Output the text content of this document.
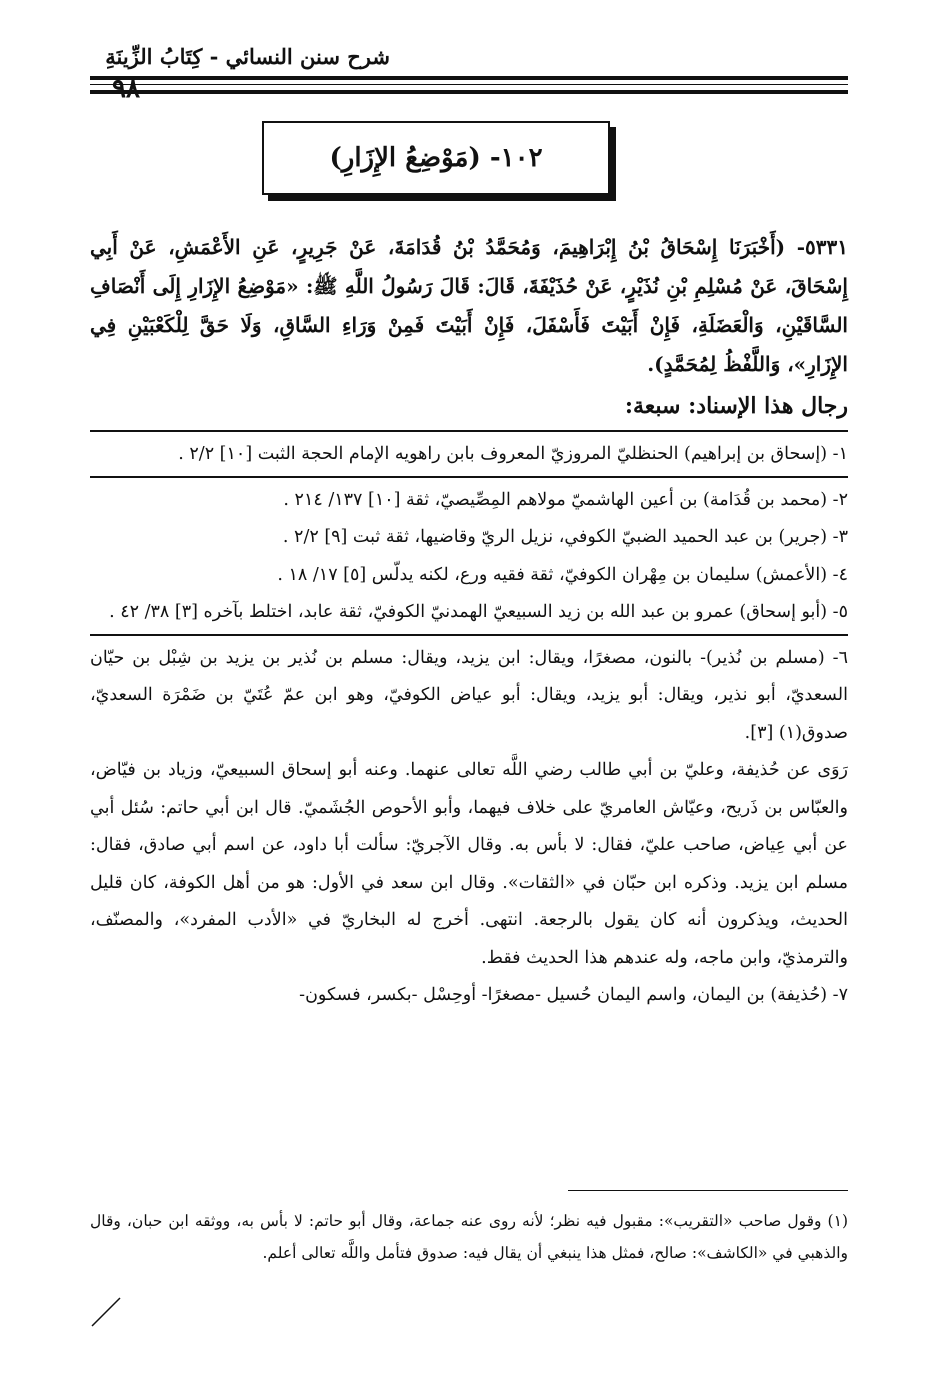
شرح سنن النسائي - كِتَابُ الزِّينَةِ
٩٨
١٠٢- (مَوْضِعُ الإِزَارِ)

٥٣٣١- (أَخْبَرَنَا إِسْحَاقُ بْنُ إِبْرَاهِيمَ، وَمُحَمَّدُ بْنُ قُدَامَةَ، عَنْ جَرِيرٍ، عَنِ الأَعْمَشِ، عَنْ أَبِي إِسْحَاقَ، عَنْ مُسْلِمِ بْنِ نُذَيْرٍ، عَنْ حُذَيْفَةَ، قَالَ: قَالَ رَسُولُ اللَّهِ ﷺ: «مَوْضِعُ الإِزَارِ إِلَى أَنْصَافِ السَّاقَيْنِ، وَالْعَضَلَةِ، فَإِنْ أَبَيْتَ فَأَسْفَلَ، فَإِنْ أَبَيْتَ فَمِنْ وَرَاءِ السَّاقِ، وَلَا حَقَّ لِلْكَعْبَيْنِ فِي الإِزَارِ»، وَاللَّفْظُ لِمُحَمَّدٍ).

رجال هذا الإسناد: سبعة:

١- (إسحاق بن إبراهيم) الحنظليّ المروزيّ المعروف بابن راهويه الإمام الحجة الثبت [١٠] ٢/٢ .

٢- (محمد بن قُدَامة) بن أعين الهاشميّ مولاهم المِصِّيصيّ، ثقة [١٠] ١٣٧/ ٢١٤ .

٣- (جرير) بن عبد الحميد الضبيّ الكوفي، نزيل الريّ وقاضيها، ثقة ثبت [٩] ٢/٢ .

٤- (الأعمش) سليمان بن مِهْران الكوفيّ، ثقة فقيه ورع، لكنه يدلّس [٥] ١٧/ ١٨ .

٥- (أبو إسحاق) عمرو بن عبد الله بن زيد السبيعيّ الهمدنيّ الكوفيّ، ثقة عابد، اختلط بآخره [٣] ٣٨/ ٤٢ .

٦- (مسلم بن نُذير)- بالنون، مصغرًا، ويقال: ابن يزيد، ويقال: مسلم بن نُذير بن يزيد بن شِبْل بن حيّان السعديّ، أبو نذير، ويقال: أبو يزيد، ويقال: أبو عياض الكوفيّ، وهو ابن عمّ عُتَيّ بن ضَمْرَة السعديّ، صدوق(١) [٣].

رَوَى عن حُذيفة، وعليّ بن أبي طالب رضي اللَّه تعالى عنهما. وعنه أبو إسحاق السبيعيّ، وزياد بن فيّاض، والعبّاس بن ذَريح، وعيّاش العامريّ على خلاف فيهما، وأبو الأحوص الجُشَميّ. قال ابن أبي حاتم: سُئل أبي عن أبي عِياض، صاحب عليّ، فقال: لا بأس به. وقال الآجريّ: سألت أبا داود، عن اسم أبي صادق، فقال: مسلم ابن يزيد. وذكره ابن حبّان في «الثقات». وقال ابن سعد في الأول: هو من أهل الكوفة، كان قليل الحديث، ويذكرون أنه كان يقول بالرجعة. انتهى. أخرج له البخاريّ في «الأدب المفرد»، والمصنّف، والترمذيّ، وابن ماجه، وله عندهم هذا الحديث فقط.

٧- (حُذيفة) بن اليمان، واسم اليمان حُسيل -مصغرًا- أوحِسْل -بكسر، فسكون-

(١) وقول صاحب «التقريب»: مقبول فيه نظر؛ لأنه روى عنه جماعة، وقال أبو حاتم: لا بأس به، ووثقه ابن حبان، وقال والذهبي في «الكاشف»: صالح، فمثل هذا ينبغي أن يقال فيه: صدوق فتأمل واللَّه تعالى أعلم.
